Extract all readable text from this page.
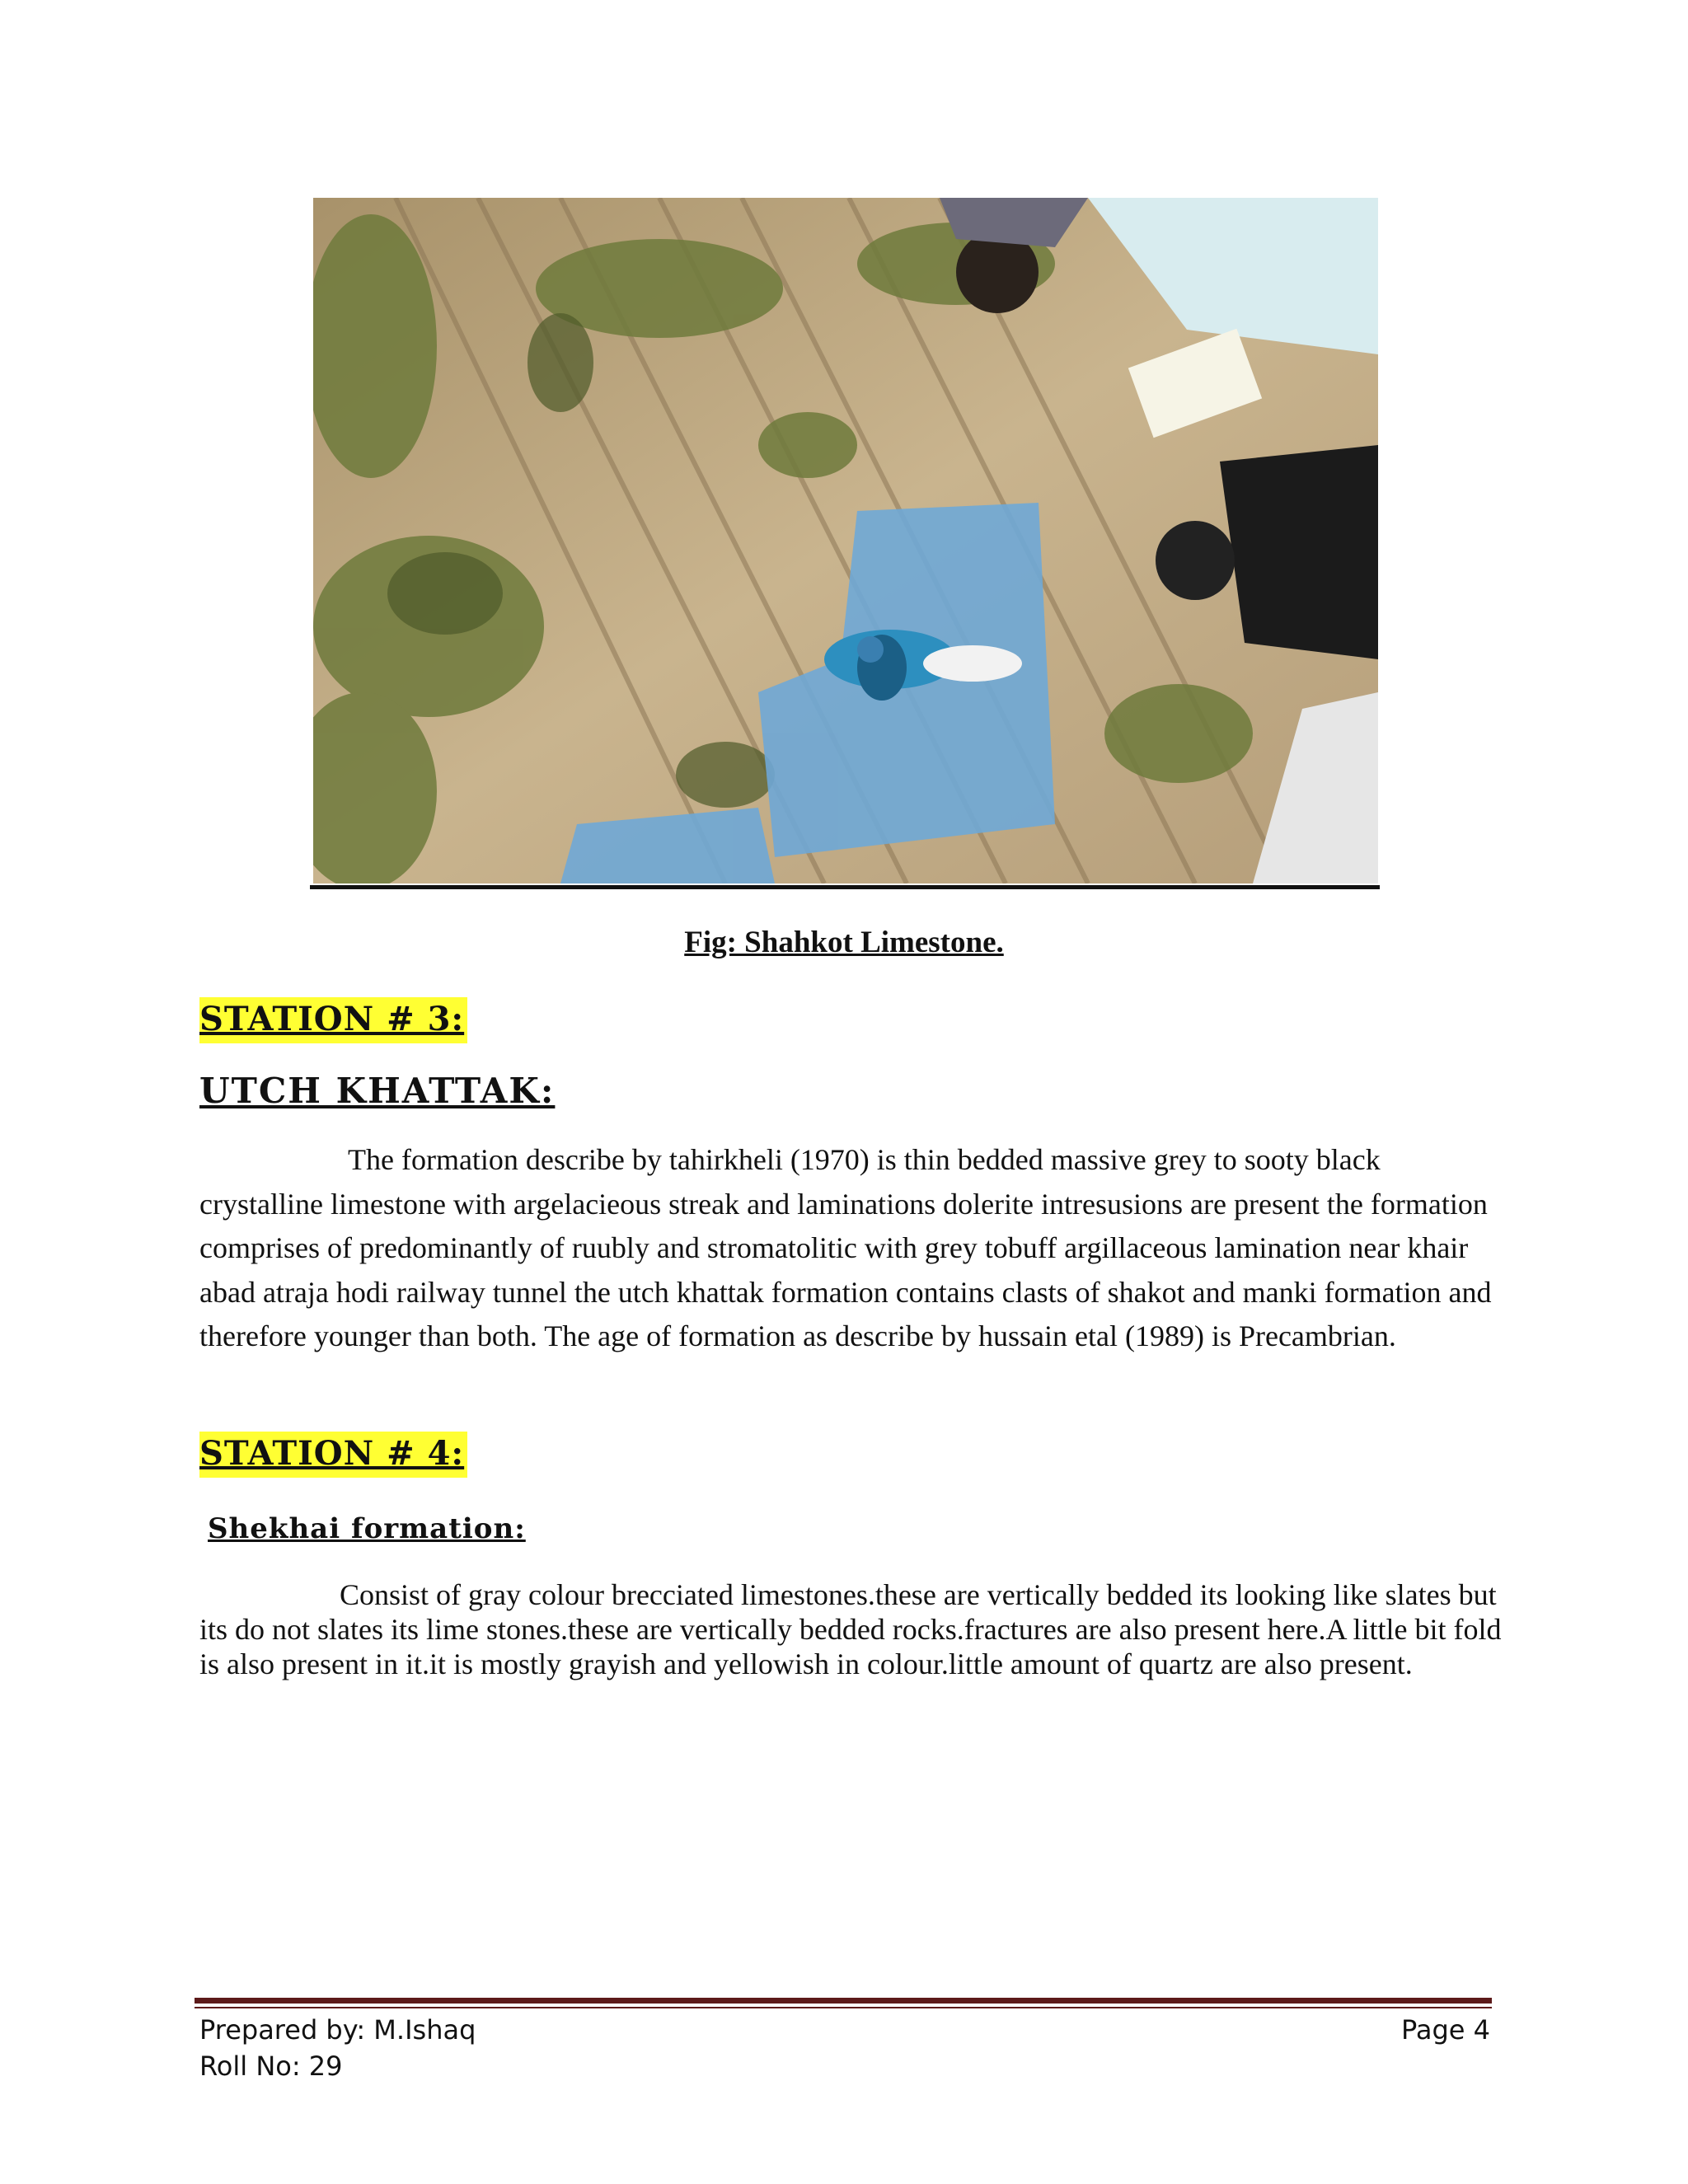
Fig: Shahkot Limestone.
STATION # 3:
UTCH KHATTAK:
The formation describe by tahirkheli (1970) is thin bedded massive grey to sooty black crystalline limestone with argelacieous streak and laminations dolerite intresusions are present the formation comprises of predominantly of ruubly and stromatolitic with grey tobuff argillaceous lamination near khair abad atraja hodi railway tunnel the utch khattak formation contains clasts of shakot and manki formation and therefore younger than both. The age of formation as describe by hussain etal (1989) is Precambrian.
STATION # 4:
Shekhai formation:
Consist of gray colour brecciated limestones.these are vertically bedded its looking like slates but its do not slates its lime stones.these are vertically bedded rocks.fractures are also present here.A little bit fold is also present in it.it is mostly grayish and yellowish in colour.little amount of quartz are also present.
Prepared by: M.Ishaq
Roll No: 29
Page 4
